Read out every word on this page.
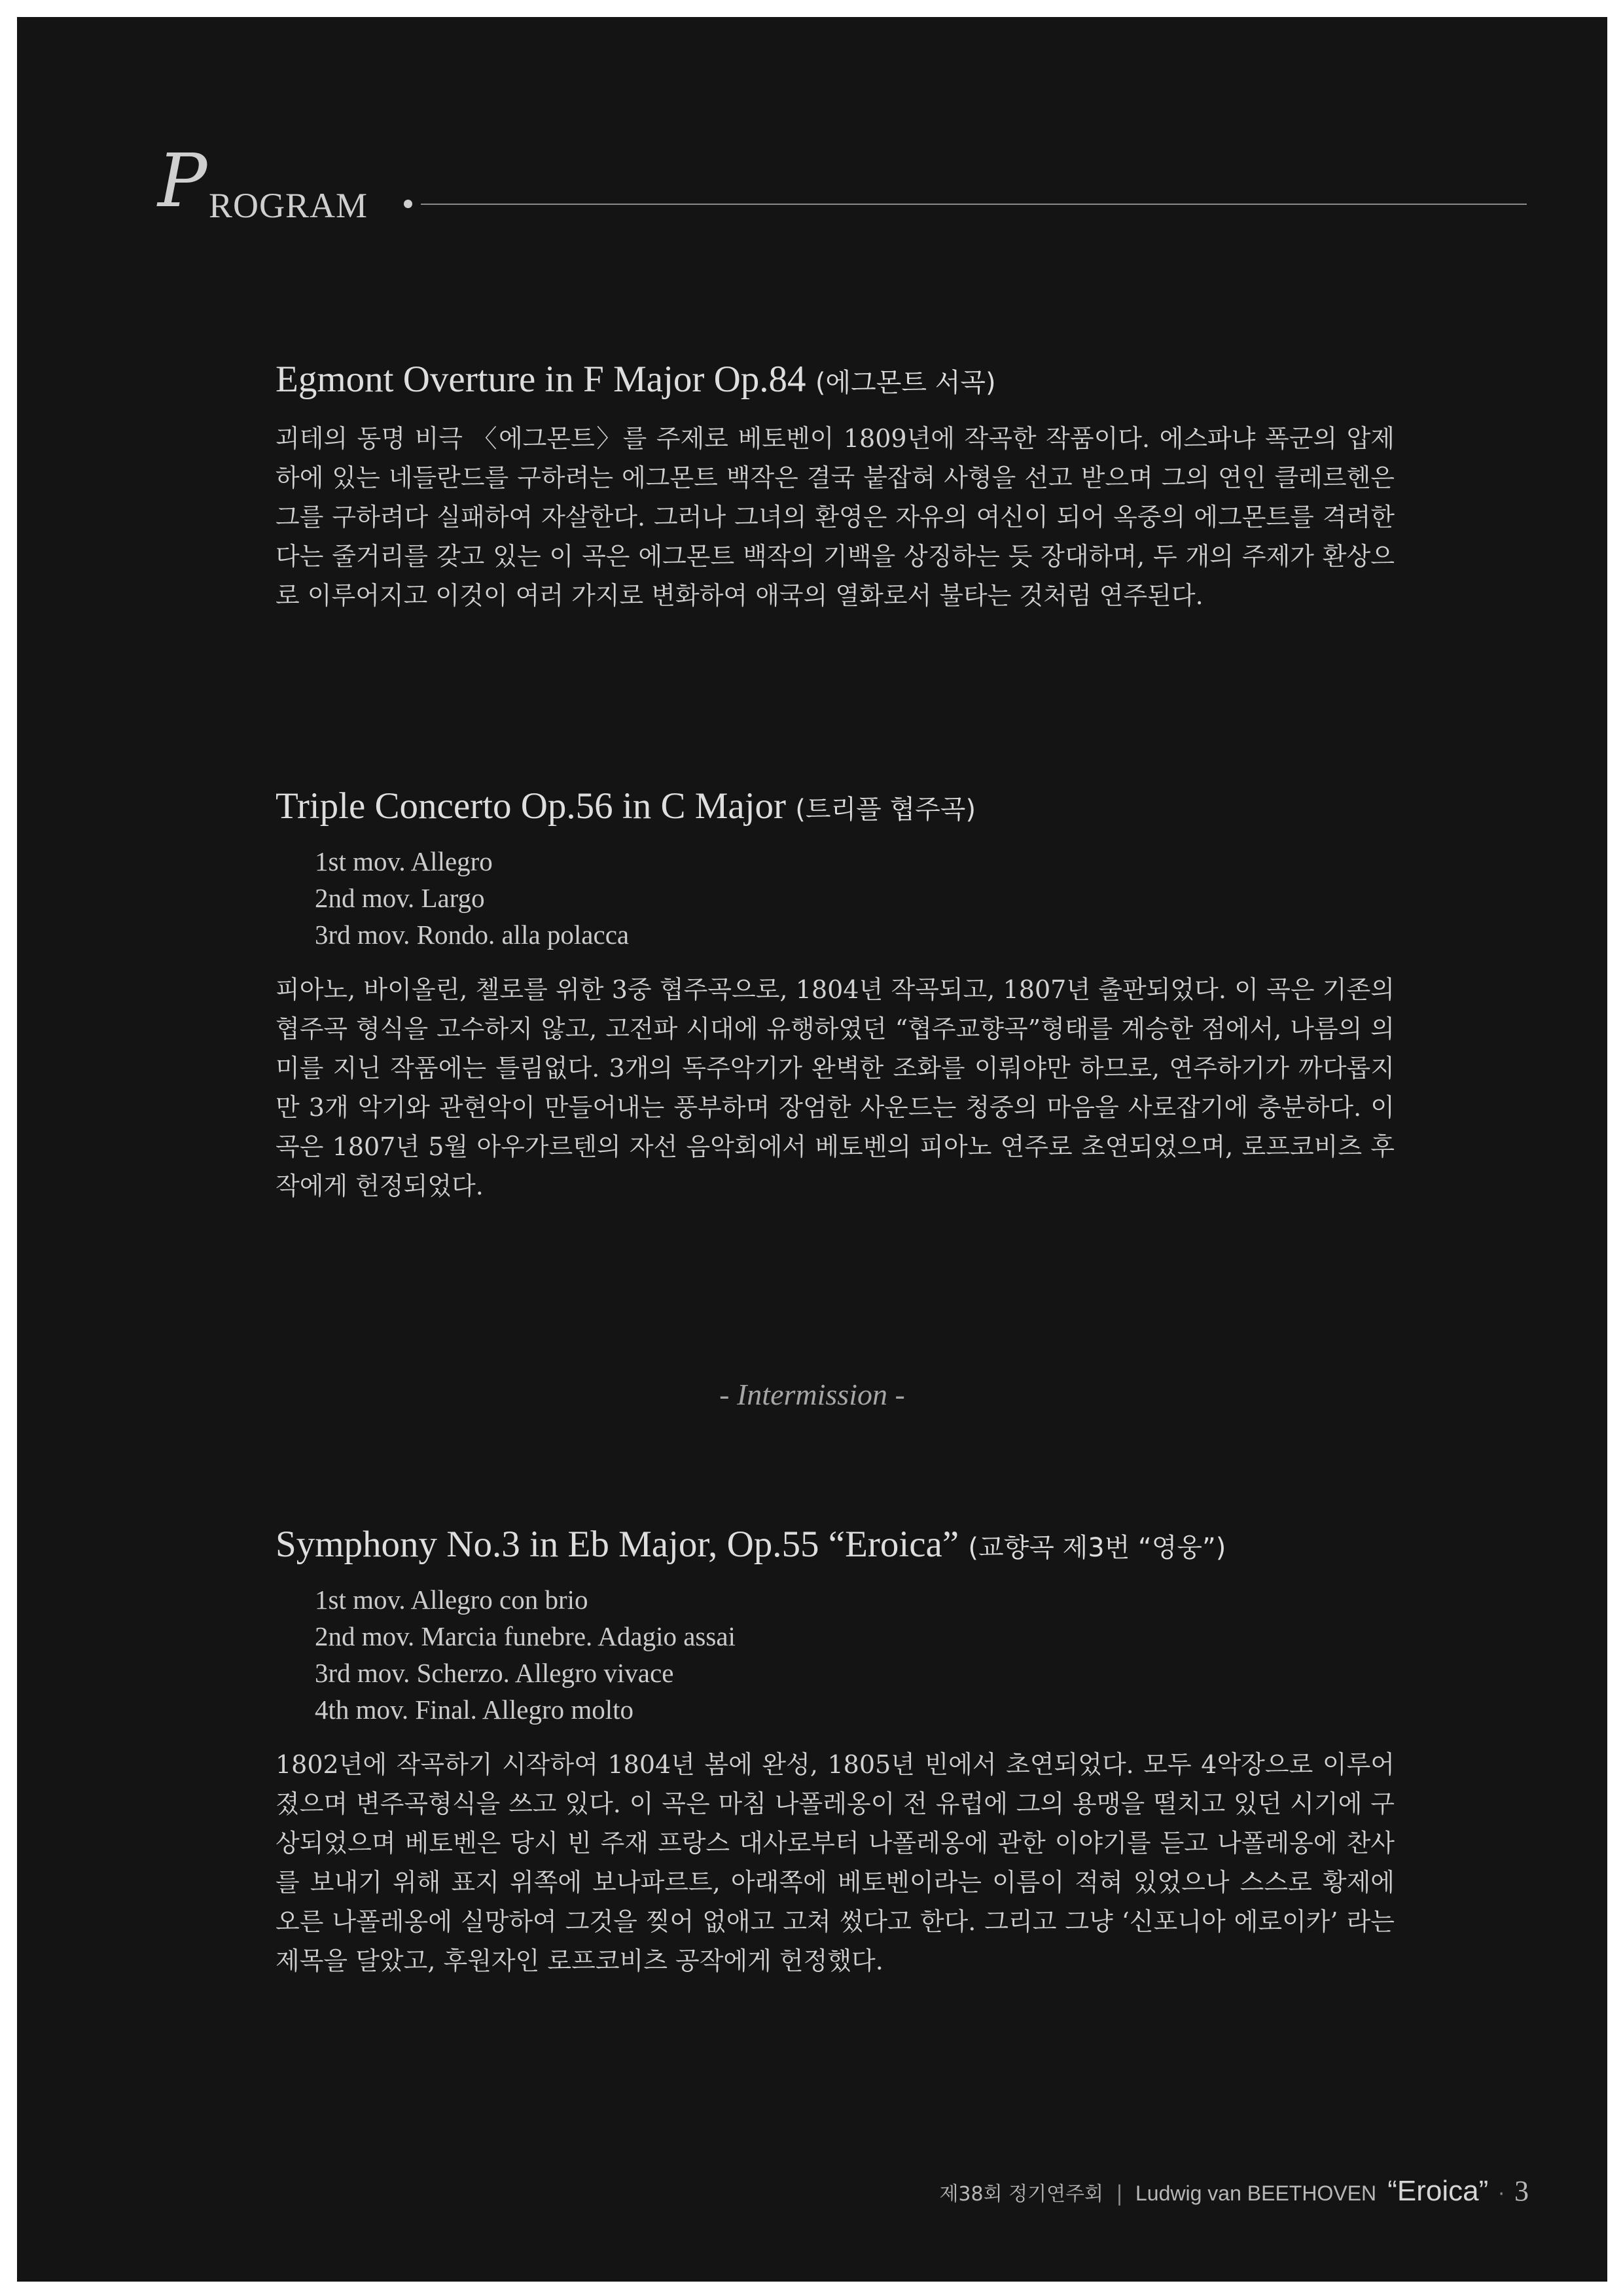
P ROGRAM
Egmont Overture in F Major Op.84 (에그몬트 서곡)
괴테의 동명 비극 〈에그몬트〉를 주제로 베토벤이 1809년에 작곡한 작품이다. 에스파냐 폭군의 압제하에 있는 네들란드를 구하려는 에그몬트 백작은 결국 붙잡혀 사형을 선고 받으며 그의 연인 클레르헨은 그를 구하려다 실패하여 자살한다. 그러나 그녀의 환영은 자유의 여신이 되어 옥중의 에그몬트를 격려한다는 줄거리를 갖고 있는 이 곡은 에그몬트 백작의 기백을 상징하는 듯 장대하며, 두 개의 주제가 환상으로 이루어지고 이것이 여러 가지로 변화하여 애국의 열화로서 불타는 것처럼 연주된다.
Triple Concerto Op.56 in C Major (트리플 협주곡)
1st mov. Allegro
2nd mov. Largo
3rd mov. Rondo. alla polacca
피아노, 바이올린, 첼로를 위한 3중 협주곡으로, 1804년 작곡되고, 1807년 출판되었다. 이 곡은 기존의 협주곡 형식을 고수하지 않고, 고전파 시대에 유행하였던 “협주교향곡”형태를 계승한 점에서, 나름의 의미를 지닌 작품에는 틀림없다. 3개의 독주악기가 완벽한 조화를 이뤄야만 하므로, 연주하기가 까다롭지만 3개 악기와 관현악이 만들어내는 풍부하며 장엄한 사운드는 청중의 마음을 사로잡기에 충분하다. 이 곡은 1807년 5월 아우가르텐의 자선 음악회에서 베토벤의 피아노 연주로 초연되었으며, 로프코비츠 후작에게 헌정되었다.
- Intermission -
Symphony No.3 in Eb Major, Op.55 “Eroica” (교향곡 제3번 “영웅”)
1st mov. Allegro con brio
2nd mov. Marcia funebre. Adagio assai
3rd mov. Scherzo. Allegro vivace
4th mov. Final. Allegro molto
1802년에 작곡하기 시작하여 1804년 봄에 완성, 1805년 빈에서 초연되었다. 모두 4악장으로 이루어졌으며 변주곡형식을 쓰고 있다. 이 곡은 마침 나폴레옹이 전 유럽에 그의 용맹을 떨치고 있던 시기에 구상되었으며 베토벤은 당시 빈 주재 프랑스 대사로부터 나폴레옹에 관한 이야기를 듣고 나폴레옹에 찬사를 보내기 위해 표지 위쪽에 보나파르트, 아래쪽에 베토벤이라는 이름이 적혀 있었으나 스스로 황제에 오른 나폴레옹에 실망하여 그것을 찢어 없애고 고쳐 썼다고 한다. 그리고 그냥 ‘신포니아 에로이카’ 라는 제목을 달았고, 후원자인 로프코비츠 공작에게 헌정했다.
제38회 정기연주회 | Ludwig van BEETHOVEN “Eroica” · 3
